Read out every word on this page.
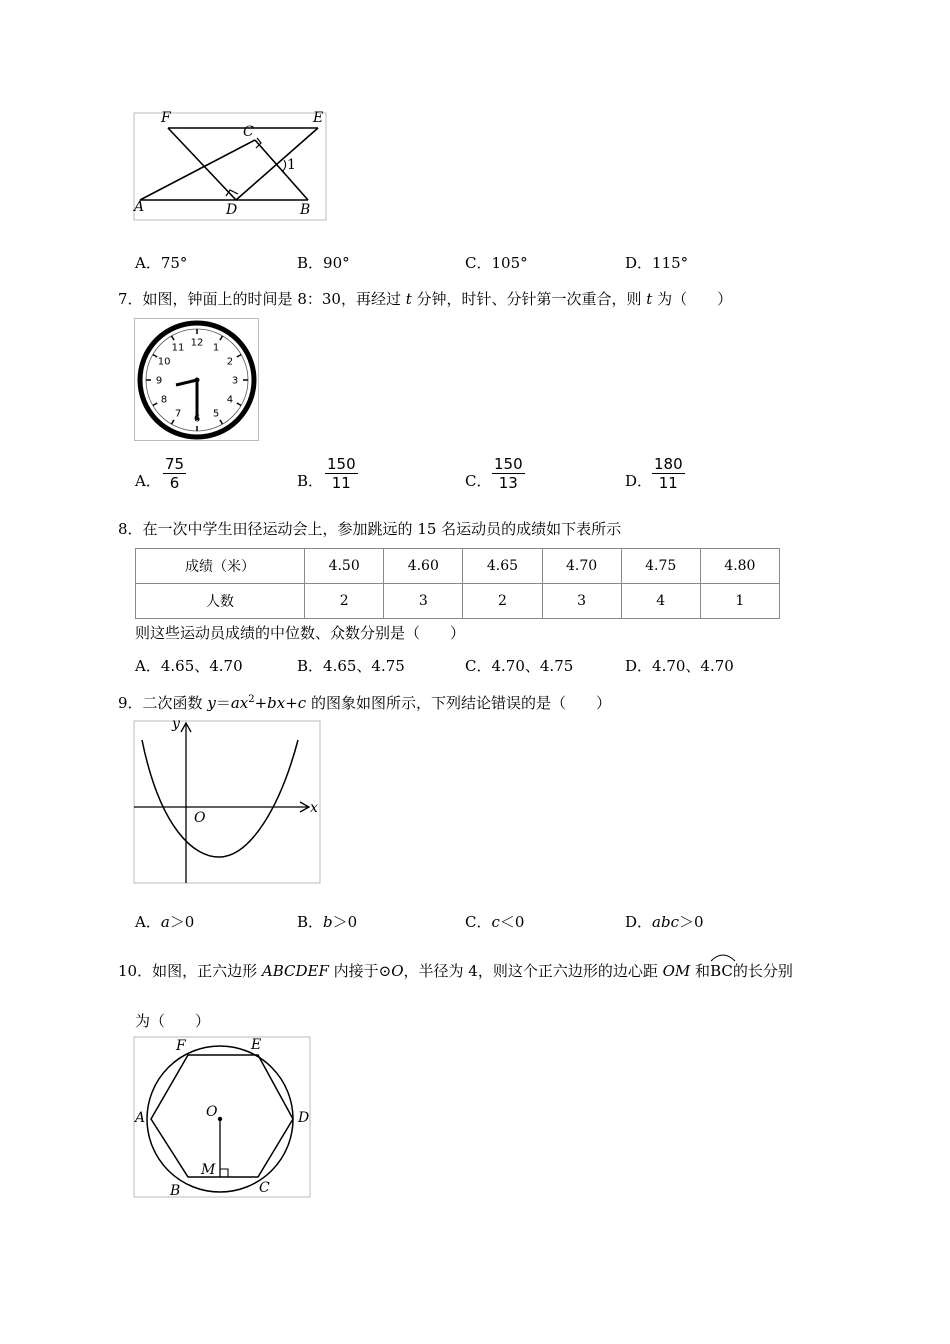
F	E
C
1
A	D	B
A．75°	B．90°	C．105°	D．115°
7．如图，钟面上的时间是 8：30，再经过 t 分钟，时针、分针第一次重合，则 t 为（　　）
12 1
2
3
4
5
6
7
8
9
10
11
A． $\frac{75}{6}$	B． $\frac{150}{11}$	C． $\frac{150}{13}$	D． $\frac{180}{11}$
8．在一次中学生田径运动会上，参加跳远的 15 名运动员的成绩如下表所示
成绩（米）	4.50	4.60	4.65	4.70	4.75	4.80
人数	2	3	2	3	4	1
则这些运动员成绩的中位数、众数分别是（　　）
A．4.65、4.70	B．4.65、4.75	C．4.70、4.75	D．4.70、4.70
9．二次函数 $y=ax^2+bx+c$ 的图象如图所示，下列结论错误的是（　　）
y
x
O
A．a＞0	B．b＞0	C．c＜0	D．abc＞0
10．如图，正六边形 ABCDEF 内接于⊙O，半径为 4，则这个正六边形的边心距 OM 和
BC的长分别
为（　　）
F	E
A	O	D
M
B	C
